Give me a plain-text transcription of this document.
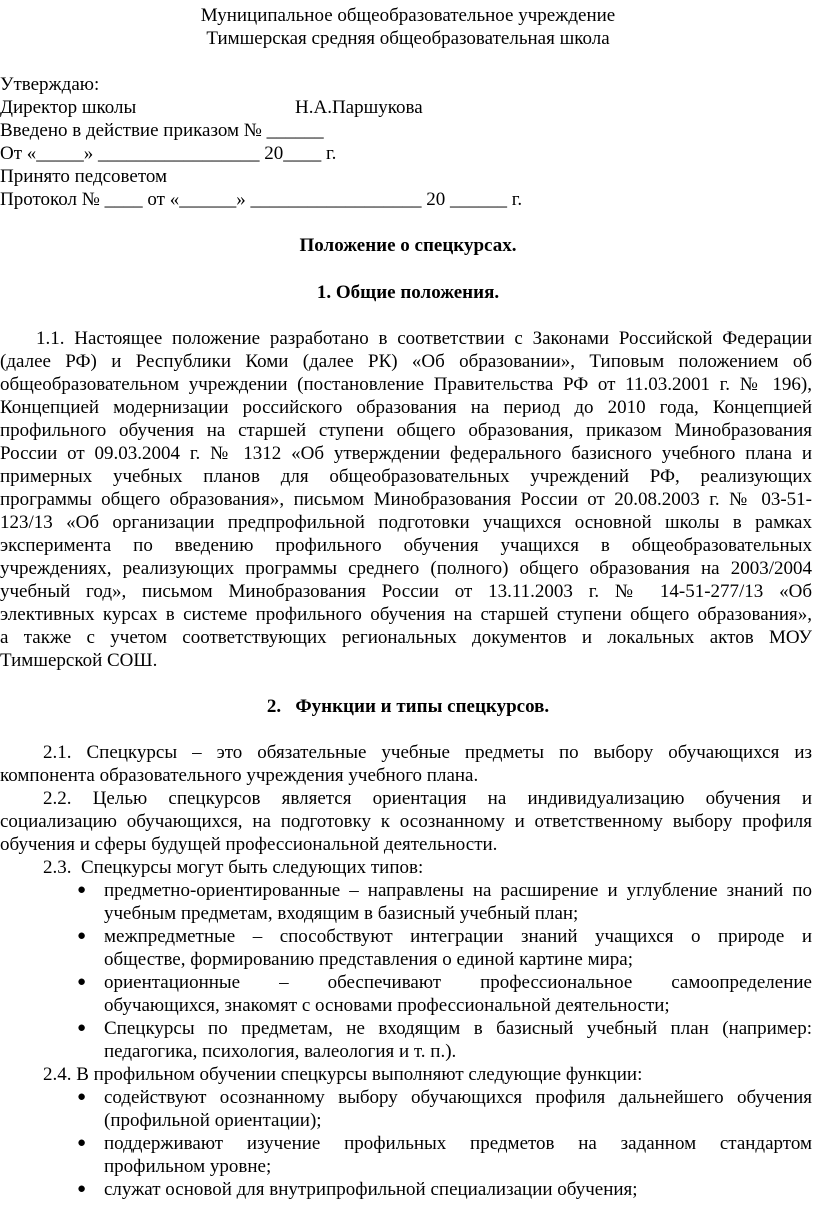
Муниципальное общеобразовательное учреждение
Тимшерская средняя общеобразовательная школа
Утверждаю:
Директор школы	Н.А.Паршукова
Введено в действие приказом № ______
От «_____» _________________ 20____ г.
Принято педсоветом
Протокол № ____ от «______» __________________ 20 ______ г.
Положение о спецкурсах.
1. Общие положения.
1.1. Настоящее положение разработано в соответствии с Законами Российской Федерации
(далее РФ) и Республики Коми (далее РК) «Об образовании», Типовым положением об
общеобразовательном учреждении (постановление Правительства РФ от 11.03.2001 г. № 196),
Концепцией модернизации российского образования на период до 2010 года, Концепцией
профильного обучения на старшей ступени общего образования, приказом Минобразования
России от 09.03.2004 г. № 1312 «Об утверждении федерального базисного учебного плана и
примерных учебных планов для общеобразовательных учреждений РФ, реализующих
программы общего образования», письмом Минобразования России от 20.08.2003 г. № 03-51-
123/13 «Об организации предпрофильной подготовки учащихся основной школы в рамках
эксперимента по введению профильного обучения учащихся в общеобразовательных
учреждениях, реализующих программы среднего (полного) общего образования на 2003/2004
учебный год», письмом Минобразования России от 13.11.2003 г. № 14-51-277/13 «Об
элективных курсах в системе профильного обучения на старшей ступени общего образования»,
а также с учетом соответствующих региональных документов и локальных актов МОУ
Тимшерской СОШ.
2.   Функции и типы спецкурсов.
2.1. Спецкурсы – это обязательные учебные предметы по выбору обучающихся из
компонента образовательного учреждения учебного плана.
2.2. Целью спецкурсов является ориентация на индивидуализацию обучения и
социализацию обучающихся, на подготовку к осознанному и ответственному выбору профиля
обучения и сферы будущей профессиональной деятельности.
2.3.  Спецкурсы могут быть следующих типов:
● предметно-ориентированные – направлены на расширение и углубление знаний по
учебным предметам, входящим в базисный учебный план;
● межпредметные – способствуют интеграции знаний учащихся о природе и
обществе, формированию представления о единой картине мира;
● ориентационные – обеспечивают профессиональное самоопределение
обучающихся, знакомят с основами профессиональной деятельности;
● Спецкурсы по предметам, не входящим в базисный учебный план (например:
педагогика, психология, валеология и т. п.).
2.4. В профильном обучении спецкурсы выполняют следующие функции:
● содействуют осознанному выбору обучающихся профиля дальнейшего обучения
(профильной ориентации);
● поддерживают изучение профильных предметов на заданном стандартом
профильном уровне;
● служат основой для внутрипрофильной специализации обучения;
